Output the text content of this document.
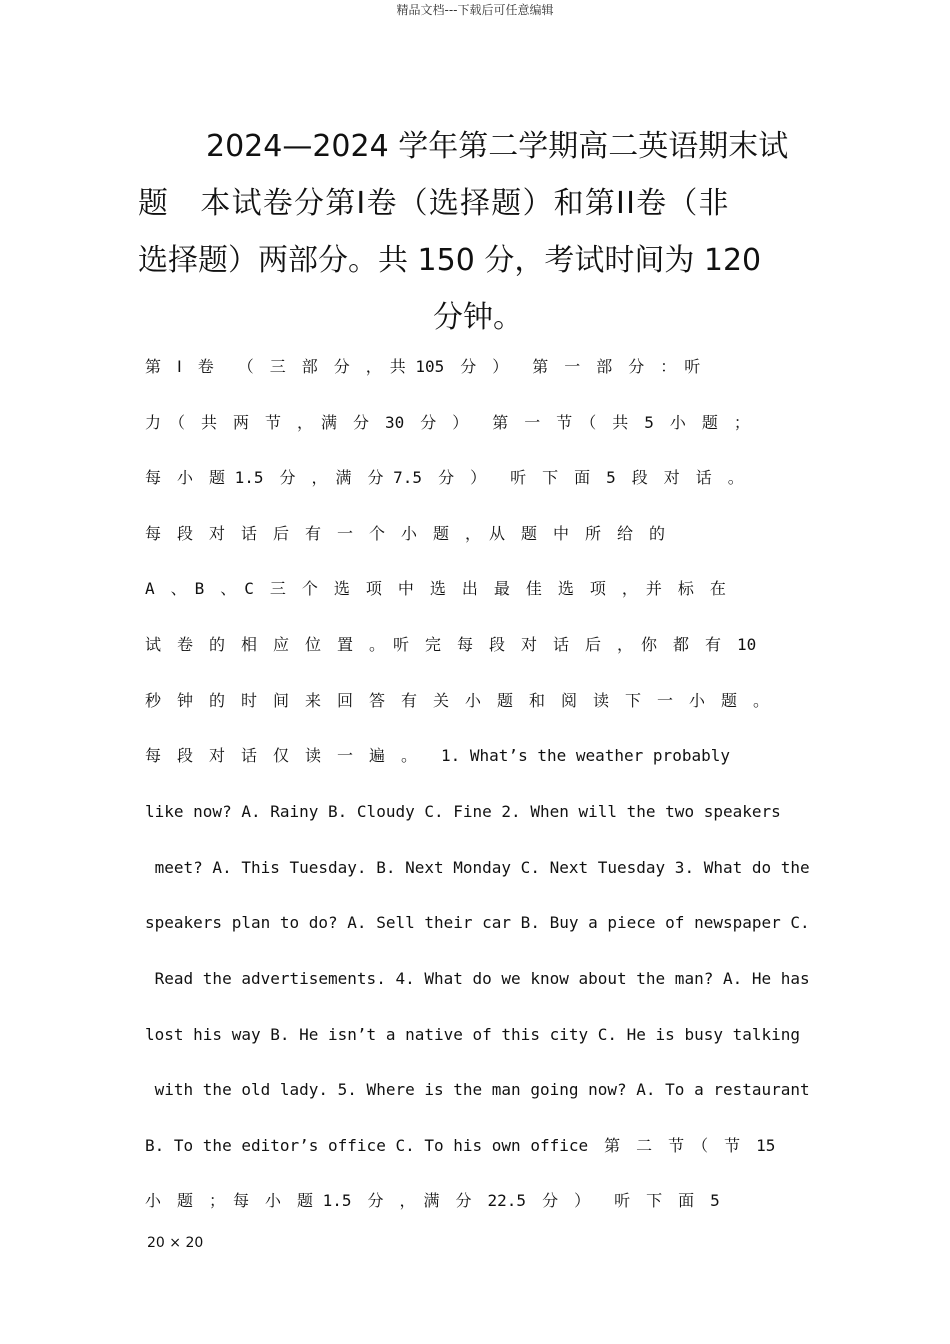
精品文档---下载后可任意编辑
2024—2024 学年第二学期高二英语期末试
题　本试卷分第Ⅰ卷（选择题）和第II卷（非
选择题）两部分。共 150 分，考试时间为 120
分钟。
第　Ⅰ　卷　　（　三　部　分　，　共 105　分　）　　第　一　部　分　：　听
力　（　共　两　节　，　满　分　30　分　）　　第　一　节　（　共　5　小　题　；
每　小　题 1.5　分　，　满　分 7.5　分　）　　听　下　面　5　段　对　话　。
每　段　对　话　后　有　一　个　小　题　，　从　题　中　所　给　的
A　、　B　、　C　三　个　选　项　中　选　出　最　佳　选　项　，　并　标　在
试　卷　的　相　应　位　置　。　听　完　每　段　对　话　后　，　你　都　有　10
秒　钟　的　时　间　来　回　答　有　关　小　题　和　阅　读　下　一　小　题　。
每　段　对　话　仅　读　一　遍　。　　1. What’s the weather probably
like now? A. Rainy B. Cloudy C. Fine 2. When will the two speakers
meet? A. This Tuesday. B. Next Monday C. Next Tuesday 3. What do the
speakers plan to do? A. Sell their car B. Buy a piece of newspaper C.
Read the advertisements. 4. What do we know about the man? A. He has
lost his way B. He isn’t a native of this city C. He is busy talking
with the old lady. 5. Where is the man going now? A. To a restaurant
B. To the editor’s office C. To his own office　第　二　节　（　节　15
小　题　；　每　小　题 1.5　分　，　满　分　22.5　分　）　　听　下　面　5
20 × 20
